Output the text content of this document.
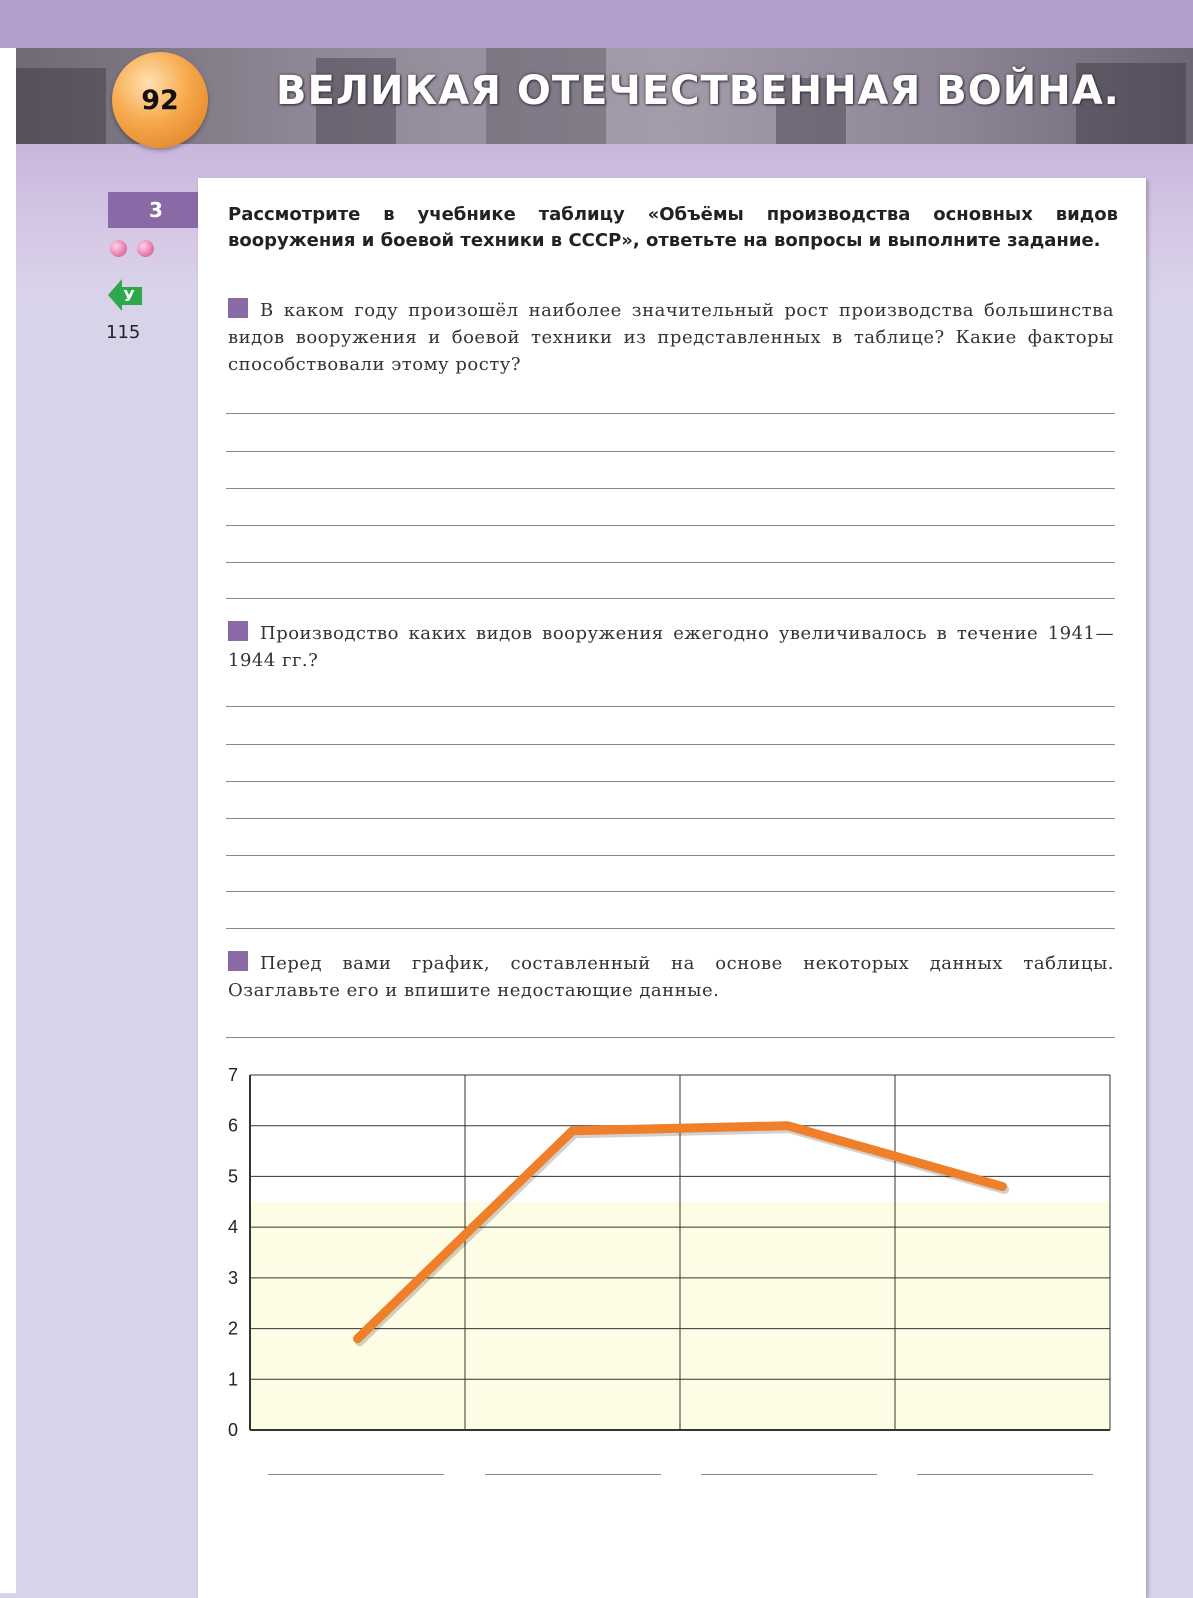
92 ВЕЛИКАЯ ОТЕЧЕСТВЕННАЯ ВОЙНА.
3
У
115
Рассмотрите в учебнике таблицу «Объёмы производства основных видов вооружения и боевой техники в СССР», ответьте на вопросы и выполните задание.
В каком году произошёл наиболее значительный рост производства большинства видов вооружения и боевой техники из представленных в таблице? Какие факторы способствовали этому росту?
Производство каких видов вооружения ежегодно увеличивалось в течение 1941—1944 гг.?
Перед вами график, составленный на основе некоторых данных таблицы. Озаглавьте его и впишите недостающие данные.
0
1
2
3
4
5
6
7
